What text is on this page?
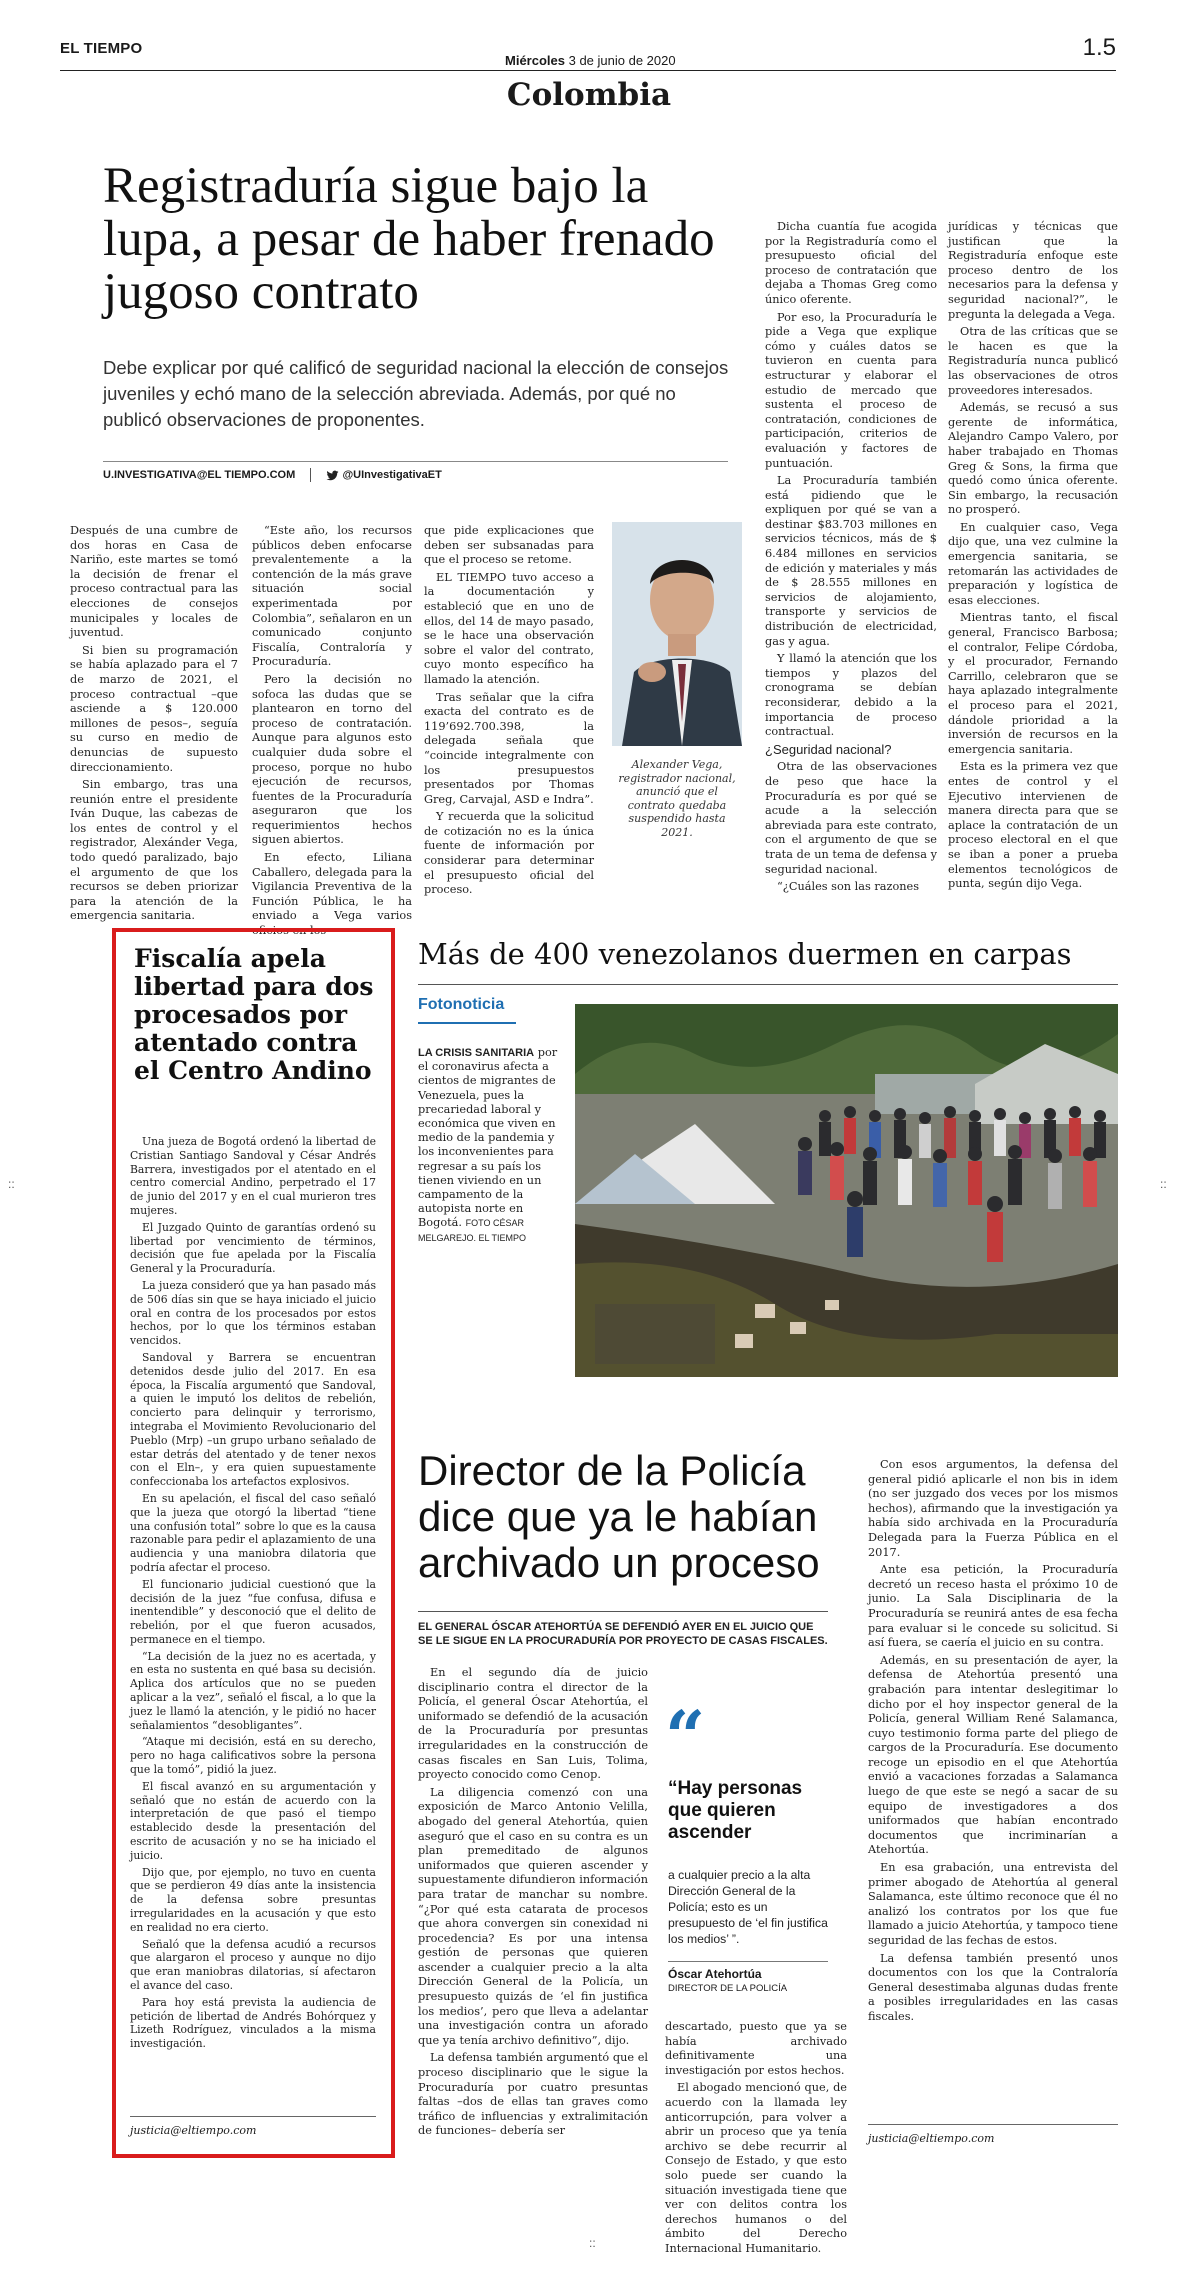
EL TIEMPO
Miércoles 3 de junio de 2020	1.5
Colombia
Registraduría sigue bajo la lupa, a pesar de haber frenado jugoso contrato
Debe explicar por qué calificó de seguridad nacional la elección de consejos juveniles y echó mano de la selección abreviada. Además, por qué no publicó observaciones de proponentes.
U.INVESTIGATIVA@EL TIEMPO.COM	@UInvestigativaET

Después de una cumbre de dos horas en Casa de Nariño, este martes se tomó la decisión de frenar el proceso contractual para las elecciones de consejos municipales y locales de juventud.

Si bien su programación se había aplazado para el 7 de marzo de 2021, el proceso contractual –que asciende a $ 120.000 millones de pesos–, seguía su curso en medio de denuncias de supuesto direccionamiento.

Sin embargo, tras una reunión entre el presidente Iván Duque, las cabezas de los entes de control y el registrador, Alexánder Vega, todo quedó paralizado, bajo el argumento de que los recursos se deben priorizar para la atención de la emergencia sanitaria.

“Este año, los recursos públicos deben enfocarse prevalentemente a la contención de la más grave situación social experimentada por Colombia”, señalaron en un comunicado conjunto Fiscalía, Contraloría y Procuraduría.

Pero la decisión no sofoca las dudas que se plantearon en torno del proceso de contratación. Aunque para algunos esto cualquier duda sobre el proceso, porque no hubo ejecución de recursos, fuentes de la Procuraduría aseguraron que los requerimientos hechos siguen abiertos.

En efecto, Liliana Caballero, delegada para la Vigilancia Preventiva de la Función Pública, le ha enviado a Vega varios oficios en los

que pide explicaciones que deben ser subsanadas para que el proceso se retome.

EL TIEMPO tuvo acceso a la documentación y estableció que en uno de ellos, del 14 de mayo pasado, se le hace una observación sobre el valor del contrato, cuyo monto específico ha llamado la atención.

Tras señalar que la cifra exacta del contrato es de 119’692.700.398, la delegada señala que “coincide integralmente con los presupuestos presentados por Thomas Greg, Carvajal, ASD e Indra”.

Y recuerda que la solicitud de cotización no es la única fuente de información por considerar para determinar el presupuesto oficial del proceso.

Alexander Vega, registrador nacional, anunció que el contrato quedaba suspendido hasta 2021.

Dicha cuantía fue acogida por la Registraduría como el presupuesto oficial del proceso de contratación que dejaba a Thomas Greg como único oferente.

Por eso, la Procuraduría le pide a Vega que explique cómo y cuáles datos se tuvieron en cuenta para estructurar y elaborar el estudio de mercado que sustenta el proceso de contratación, condiciones de participación, criterios de evaluación y factores de puntuación.

La Procuraduría también está pidiendo que le expliquen por qué se van a destinar $83.703 millones en servicios técnicos, más de $ 6.484 millones en servicios de edición y materiales y más de $ 28.555 millones en servicios de alojamiento, transporte y servicios de distribución de electricidad, gas y agua.

Y llamó la atención que los tiempos y plazos del cronograma se debían reconsiderar, debido a la importancia de proceso contractual.

¿Seguridad nacional?

Otra de las observaciones de peso que hace la Procuraduría es por qué se acude a la selección abreviada para este contrato, con el argumento de que se trata de un tema de defensa y seguridad nacional.

“¿Cuáles son las razones

jurídicas y técnicas que justifican que la Registraduría enfoque este proceso dentro de los necesarios para la defensa y seguridad nacional?”, le pregunta la delegada a Vega.

Otra de las críticas que se le hacen es que la Registraduría nunca publicó las observaciones de otros proveedores interesados.

Además, se recusó a sus gerente de informática, Alejandro Campo Valero, por haber trabajado en Thomas Greg & Sons, la firma que quedó como única oferente. Sin embargo, la recusación no prosperó.

En cualquier caso, Vega dijo que, una vez culmine la emergencia sanitaria, se retomarán las actividades de preparación y logística de esas elecciones.

Mientras tanto, el fiscal general, Francisco Barbosa; el contralor, Felipe Córdoba, y el procurador, Fernando Carrillo, celebraron que se haya aplazado integralmente el proceso para el 2021, dándole prioridad a la inversión de recursos en la emergencia sanitaria.

Esta es la primera vez que entes de control y el Ejecutivo intervienen de manera directa para que se aplace la contratación de un proceso electoral en el que se iban a poner a prueba elementos tecnológicos de punta, según dijo Vega.

Fiscalía apela libertad para dos procesados por atentado contra el Centro Andino

Una jueza de Bogotá ordenó la libertad de Cristian Santiago Sandoval y César Andrés Barrera, investigados por el atentado en el centro comercial Andino, perpetrado el 17 de junio del 2017 y en el cual murieron tres mujeres.

El Juzgado Quinto de garantías ordenó su libertad por vencimiento de términos, decisión que fue apelada por la Fiscalía General y la Procuraduría.

La jueza consideró que ya han pasado más de 506 días sin que se haya iniciado el juicio oral en contra de los procesados por estos hechos, por lo que los términos estaban vencidos.

Sandoval y Barrera se encuentran detenidos desde julio del 2017. En esa época, la Fiscalía argumentó que Sandoval, a quien le imputó los delitos de rebelión, concierto para delinquir y terrorismo, integraba el Movimiento Revolucionario del Pueblo (Mrp) –un grupo urbano señalado de estar detrás del atentado y de tener nexos con el Eln–, y era quien supuestamente confeccionaba los artefactos explosivos.

En su apelación, el fiscal del caso señaló que la jueza que otorgó la libertad “tiene una confusión total” sobre lo que es la causa razonable para pedir el aplazamiento de una audiencia y una maniobra dilatoria que podría afectar el proceso.

El funcionario judicial cuestionó que la decisión de la juez “fue confusa, difusa e inentendible” y desconoció que el delito de rebelión, por el que fueron acusados, permanece en el tiempo.

“La decisión de la juez no es acertada, y en esta no sustenta en qué basa su decisión. Aplica dos artículos que no se pueden aplicar a la vez”, señaló el fiscal, a lo que la juez le llamó la atención, y le pidió no hacer señalamientos “desobligantes”.

“Ataque mi decisión, está en su derecho, pero no haga calificativos sobre la persona que la tomó”, pidió la juez.

El fiscal avanzó en su argumentación y señaló que no están de acuerdo con la interpretación de que pasó el tiempo establecido desde la presentación del escrito de acusación y no se ha iniciado el juicio.

Dijo que, por ejemplo, no tuvo en cuenta que se perdieron 49 días ante la insistencia de la defensa sobre presuntas irregularidades en la acusación y que esto en realidad no era cierto.

Señaló que la defensa acudió a recursos que alargaron el proceso y aunque no dijo que eran maniobras dilatorias, sí afectaron el avance del caso.

Para hoy está prevista la audiencia de petición de libertad de Andrés Bohórquez y Lizeth Rodríguez, vinculados a la misma investigación.

justicia@eltiempo.com
Más de 400 venezolanos duermen en carpas
Fotonoticia
LA CRISIS SANITARIA por el coronavirus afecta a cientos de migrantes de Venezuela, pues la precariedad laboral y económica que viven en medio de la pandemia y los inconvenientes para regresar a su país los tienen viviendo en un campamento de la autopista norte en Bogotá. FOTO CÉSAR MELGAREJO. EL TIEMPO
::	::
::
Director de la Policía dice que ya le habían archivado un proceso
EL GENERAL ÓSCAR ATEHORTÚA SE DEFENDIÓ AYER EN EL JUICIO QUE SE LE SIGUE EN LA PROCURADURÍA POR PROYECTO DE CASAS FISCALES.

En el segundo día de juicio disciplinario contra el director de la Policía, el general Óscar Atehortúa, el uniformado se defendió de la acusación de la Procuraduría por presuntas irregularidades en la construcción de casas fiscales en San Luis, Tolima, proyecto conocido como Cenop.

La diligencia comenzó con una exposición de Marco Antonio Velilla, abogado del general Atehortúa, quien aseguró que el caso en su contra es un plan premeditado de algunos uniformados que quieren ascender y supuestamente difundieron información para tratar de manchar su nombre. “¿Por qué esta catarata de procesos que ahora convergen sin conexidad ni procedencia? Es por una intensa gestión de personas que quieren ascender a cualquier precio a la alta Dirección General de la Policía, un presupuesto quizás de ‘el fin justifica los medios’, pero que lleva a adelantar una investigación contra un aforado que ya tenía archivo definitivo”, dijo.

La defensa también argumentó que el proceso disciplinario que le sigue la Procuraduría por cuatro presuntas faltas –dos de ellas tan graves como tráfico de influencias y extralimitación de funciones– debería ser

“
“Hay personas que quieren ascender
a cualquier precio a la alta Dirección General de la Policía; esto es un presupuesto de ‘el fin justifica los medios’ ”.
Óscar Atehortúa
DIRECTOR DE LA POLICÍA

descartado, puesto que ya se había archivado definitivamente una investigación por estos hechos.

El abogado mencionó que, de acuerdo con la llamada ley anticorrupción, para volver a abrir un proceso que ya tenía archivo se debe recurrir al Consejo de Estado, y que esto solo puede ser cuando la situación investigada tiene que ver con delitos contra los derechos humanos o del ámbito del Derecho Internacional Humanitario.

Con esos argumentos, la defensa del general pidió aplicarle el non bis in idem (no ser juzgado dos veces por los mismos hechos), afirmando que la investigación ya había sido archivada en la Procuraduría Delegada para la Fuerza Pública en el 2017.

Ante esa petición, la Procuraduría decretó un receso hasta el próximo 10 de junio. La Sala Disciplinaria de la Procuraduría se reunirá antes de esa fecha para evaluar si le concede su solicitud. Si así fuera, se caería el juicio en su contra.

Además, en su presentación de ayer, la defensa de Atehortúa presentó una grabación para intentar deslegitimar lo dicho por el hoy inspector general de la Policía, general William René Salamanca, cuyo testimonio forma parte del pliego de cargos de la Procuraduría. Ese documento recoge un episodio en el que Atehortúa envió a vacaciones forzadas a Salamanca luego de que este se negó a sacar de su equipo de investigadores a dos uniformados que habían encontrado documentos que incriminarían a Atehortúa.

En esa grabación, una entrevista del primer abogado de Atehortúa al general Salamanca, este último reconoce que él no analizó los contratos por los que fue llamado a juicio Atehortúa, y tampoco tiene seguridad de las fechas de estos.

La defensa también presentó unos documentos con los que la Contraloría General desestimaba algunas dudas frente a posibles irregularidades en las casas fiscales.

justicia@eltiempo.com
